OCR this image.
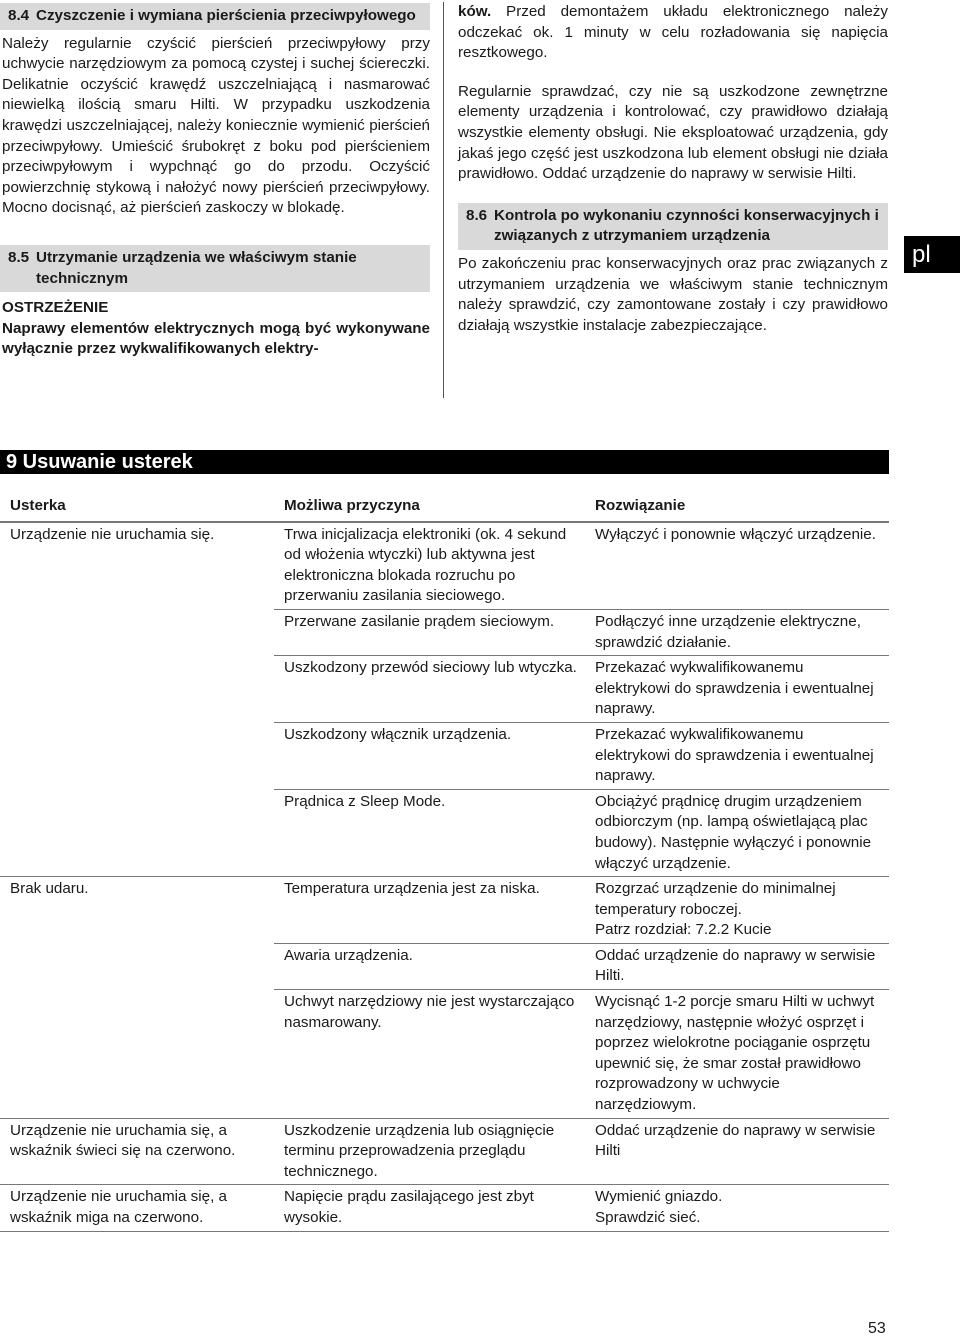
8.4 Czyszczenie i wymiana pierścienia przeciwpyłowego

Należy regularnie czyścić pierścień przeciwpyłowy przy uchwycie narzędziowym za pomocą czystej i suchej ściereczki. Delikatnie oczyścić krawędź uszczelniającą i nasmarować niewielką ilością smaru Hilti. W przypadku uszkodzenia krawędzi uszczelniającej, należy koniecznie wymienić pierścień przeciwpyłowy. Umieścić śrubokręt z boku pod pierścieniem przeciwpyłowym i wypchnąć go do przodu. Oczyścić powierzchnię stykową i nałożyć nowy pierścień przeciwpyłowy. Mocno docisnąć, aż pierścień zaskoczy w blokadę.

8.5 Utrzymanie urządzenia we właściwym stanie technicznym
OSTRZEŻENIE

Naprawy elementów elektrycznych mogą być wykonywane wyłącznie przez wykwalifikowanych elektry-

ków. Przed demontażem układu elektronicznego należy odczekać ok. 1 minuty w celu rozładowania się napięcia resztkowego.

Regularnie sprawdzać, czy nie są uszkodzone zewnętrzne elementy urządzenia i kontrolować, czy prawidłowo działają wszystkie elementy obsługi. Nie eksploatować urządzenia, gdy jakaś jego część jest uszkodzona lub element obsługi nie działa prawidłowo. Oddać urządzenie do naprawy w serwisie Hilti.

8.6 Kontrola po wykonaniu czynności konserwacyjnych i związanych z utrzymaniem urządzenia

Po zakończeniu prac konserwacyjnych oraz prac związanych z utrzymaniem urządzenia we właściwym stanie technicznym należy sprawdzić, czy zamontowane zostały i czy prawidłowo działają wszystkie instalacje zabezpieczające.

pl
9 Usuwanie usterek
Usterka	Możliwa przyczyna	Rozwiązanie
Urządzenie nie uruchamia się.	Trwa inicjalizacja elektroniki (ok. 4 sekund od włożenia wtyczki) lub aktywna jest elektroniczna blokada rozruchu po przerwaniu zasilania sieciowego.	Wyłączyć i ponownie włączyć urządzenie.
	Przerwane zasilanie prądem sieciowym.	Podłączyć inne urządzenie elektryczne, sprawdzić działanie.
	Uszkodzony przewód sieciowy lub wtyczka.	Przekazać wykwalifikowanemu elektrykowi do sprawdzenia i ewentualnej naprawy.
	Uszkodzony włącznik urządzenia.	Przekazać wykwalifikowanemu elektrykowi do sprawdzenia i ewentualnej naprawy.
	Prądnica z Sleep Mode.	Obciążyć prądnicę drugim urządzeniem odbiorczym (np. lampą oświetlającą plac budowy). Następnie wyłączyć i ponownie włączyć urządzenie.
Brak udaru.	Temperatura urządzenia jest za niska.	Rozgrzać urządzenie do minimalnej temperatury roboczej.
Patrz rozdział: 7.2.2 Kucie

	Awaria urządzenia.	Oddać urządzenie do naprawy w serwisie Hilti.
	Uchwyt narzędziowy nie jest wystarczająco nasmarowany.	Wycisnąć 1-2 porcje smaru Hilti w uchwyt narzędziowy, następnie włożyć osprzęt i poprzez wielokrotne pociąganie osprzętu upewnić się, że smar został prawidłowo rozprowadzony w uchwycie narzędziowym.
Urządzenie nie uruchamia się, a wskaźnik świeci się na czerwono.	Uszkodzenie urządzenia lub osiągnięcie terminu przeprowadzenia przeglądu technicznego.	Oddać urządzenie do naprawy w serwisie Hilti
Urządzenie nie uruchamia się, a wskaźnik miga na czerwono.	Napięcie prądu zasilającego jest zbyt wysokie.	Wymienić gniazdo.
Sprawdzić sieć.
53
